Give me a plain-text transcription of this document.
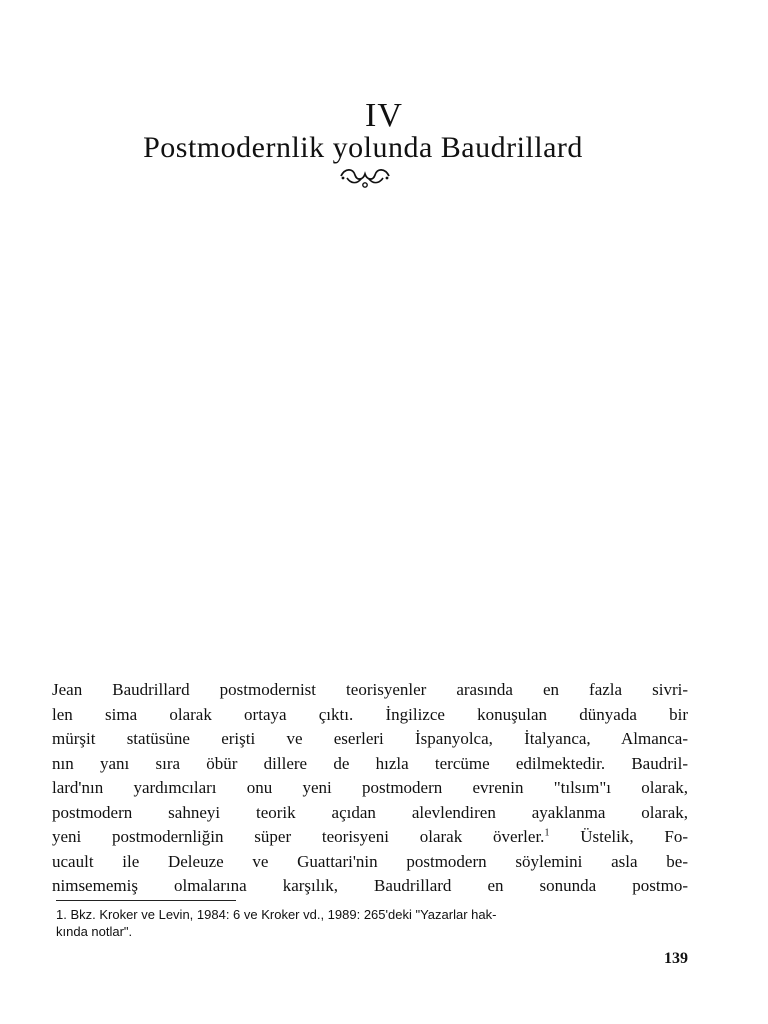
IV
Postmodernlik yolunda Baudrillard
Jean Baudrillard postmodernist teorisyenler arasında en fazla sivri-
len sima olarak ortaya çıktı. İngilizce konuşulan dünyada bir
mürşit statüsüne erişti ve eserleri İspanyolca, İtalyanca, Almanca-
nın yanı sıra öbür dillere de hızla tercüme edilmektedir. Baudril-
lard'nın yardımcıları onu yeni postmodern evrenin "tılsım"ı olarak,
postmodern sahneyi teorik açıdan alevlendiren ayaklanma olarak,
yeni postmodernliğin süper teorisyeni olarak överler.$^1$ Üstelik, Fo-
ucault ile Deleuze ve Guattari'nin postmodern söylemini asla be-
nimsememiş olmalarına karşılık, Baudrillard en sonunda postmo-
1. Bkz. Kroker ve Levin, 1984: 6 ve Kroker vd., 1989: 265'deki "Yazarlar hak-
kında notlar".
139
